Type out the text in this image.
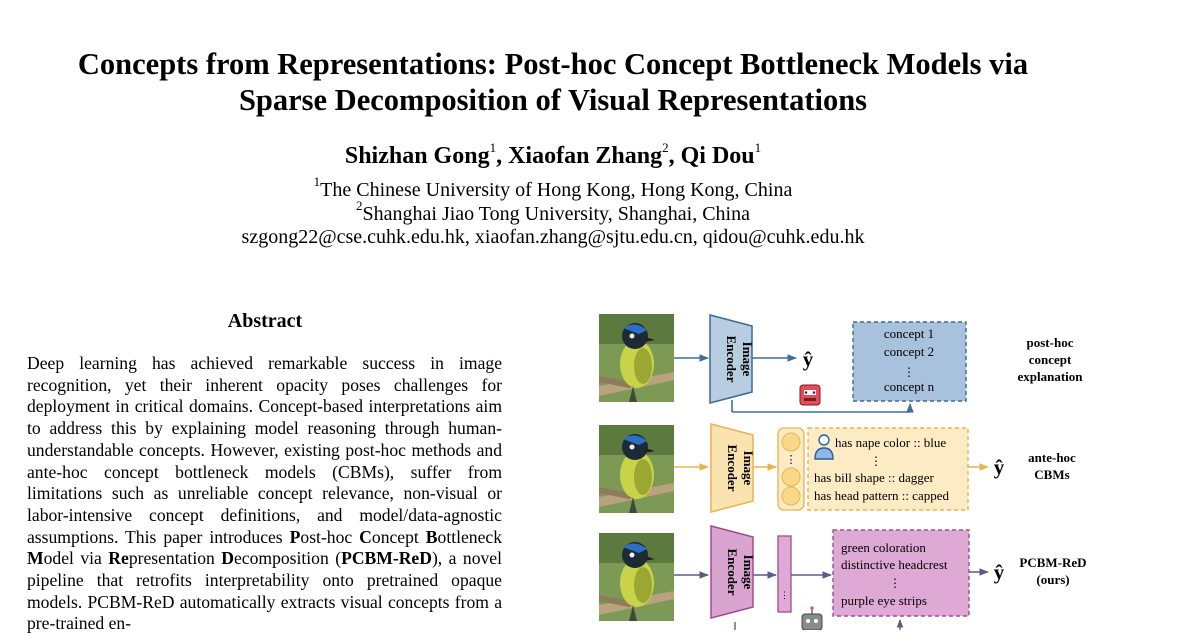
Concepts from Representations: Post-hoc Concept Bottleneck Models via
Sparse Decomposition of Visual Representations
Shizhan Gong$^1$, Xiaofan Zhang$^2$, Qi Dou$^1$
$^1$The Chinese University of Hong Kong, Hong Kong, China
$^2$Shanghai Jiao Tong University, Shanghai, China
szgong22@cse.cuhk.edu.hk, xiaofan.zhang@sjtu.edu.cn, qidou@cuhk.edu.hk
Abstract
Deep learning has achieved remarkable success in image recognition, yet their inherent opacity poses challenges for deployment in critical domains. Concept-based interpretations aim to address this by explaining model reasoning through human-understandable concepts. However, existing post-hoc methods and ante-hoc concept bottleneck models (CBMs), suffer from limitations such as unreliable concept relevance, non-visual or labor-intensive concept definitions, and model/data-agnostic assumptions. This paper introduces Post-hoc Concept Bottleneck Model via Representation Decomposition (PCBM-ReD), a novel pipeline that retrofits interpretability onto pretrained opaque models. PCBM-ReD automatically extracts visual concepts from a pre-trained en-
ImageEncoder	ŷ
concept 1
concept 2
⋮
concept n
post-hoc
concept
explanation
ImageEncoder	⋮
has nape color :: blue
⋮
has bill shape :: dagger
has head pattern :: capped
ŷ ante-hoc
CBMs
ImageEncoder	⋮
green coloration
distinctive headcrest
⋮
purple eye strips
ŷ PCBM-ReD
(ours)
